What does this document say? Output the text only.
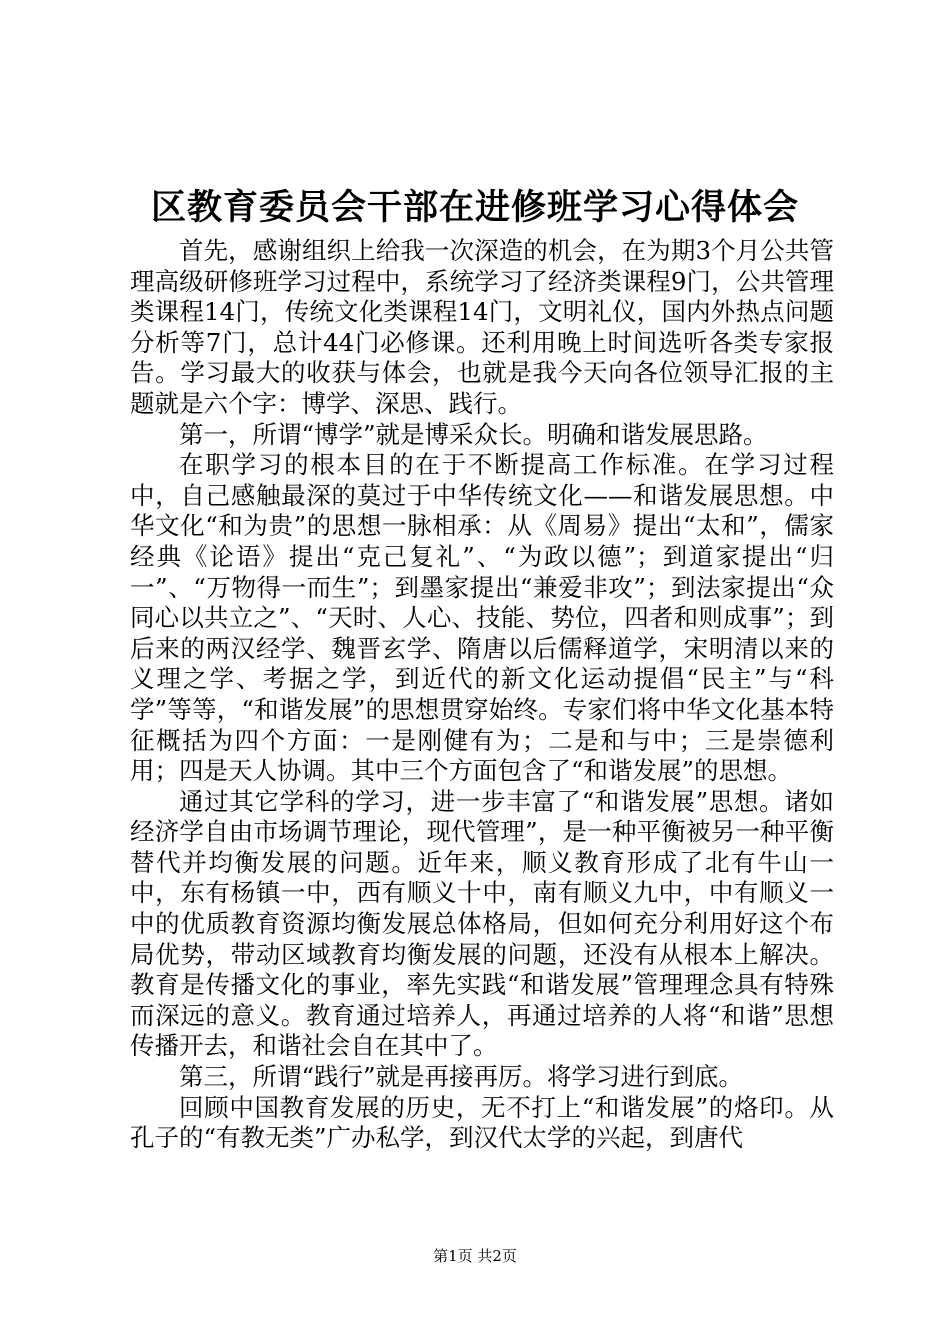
区教育委员会干部在进修班学习心得体会

首先，感谢组织上给我一次深造的机会，在为期3个月公共管理高级研修班学习过程中，系统学习了经济类课程9门，公共管理类课程14门，传统文化类课程14门，文明礼仪，国内外热点问题分析等7门，总计44门必修课。还利用晚上时间选听各类专家报告。学习最大的收获与体会，也就是我今天向各位领导汇报的主题就是六个字：博学、深思、践行。

第一，所谓“博学”就是博采众长。明确和谐发展思路。

在职学习的根本目的在于不断提高工作标准。在学习过程中，自己感触最深的莫过于中华传统文化——和谐发展思想。中华文化“和为贵”的思想一脉相承：从《周易》提出“太和”，儒家经典《论语》提出“克己复礼”、“为政以德”；到道家提出“归一”、“万物得一而生”；到墨家提出“兼爱非攻”；到法家提出“众同心以共立之”、“天时、人心、技能、势位，四者和则成事”；到后来的两汉经学、魏晋玄学、隋唐以后儒释道学，宋明清以来的义理之学、考据之学，到近代的新文化运动提倡“民主”与“科学”等等，“和谐发展”的思想贯穿始终。专家们将中华文化基本特征概括为四个方面：一是刚健有为；二是和与中；三是崇德利用；四是天人协调。其中三个方面包含了“和谐发展”的思想。

通过其它学科的学习，进一步丰富了“和谐发展”思想。诸如经济学自由市场调节理论，现代管理”，是一种平衡被另一种平衡替代并均衡发展的问题。近年来，顺义教育形成了北有牛山一中，东有杨镇一中，西有顺义十中，南有顺义九中，中有顺义一中的优质教育资源均衡发展总体格局，但如何充分利用好这个布局优势，带动区域教育均衡发展的问题，还没有从根本上解决。教育是传播文化的事业，率先实践“和谐发展”管理理念具有特殊而深远的意义。教育通过培养人，再通过培养的人将“和谐”思想传播开去，和谐社会自在其中了。

第三，所谓“践行”就是再接再厉。将学习进行到底。

回顾中国教育发展的历史，无不打上“和谐发展”的烙印。从孔子的“有教无类”广办私学，到汉代太学的兴起，到唐代

第1页 共2页
